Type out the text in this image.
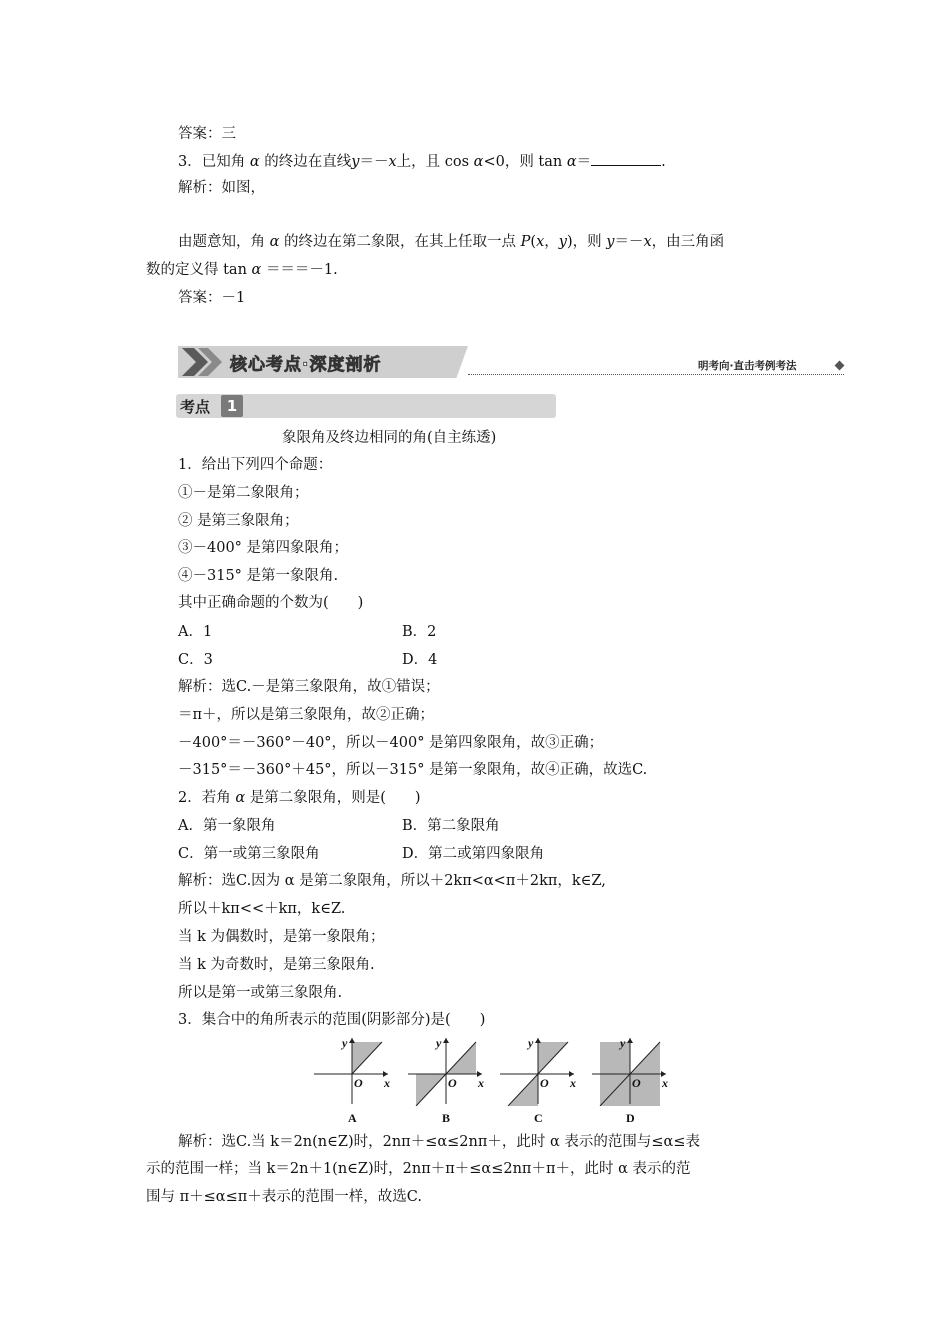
答案：三
3．已知角 α 的终边在直线y＝－x上，且 cos α<0，则 tan α＝	.
解析：如图，
由题意知，角 α 的终边在第二象限，在其上任取一点 P(x，y)，则 y＝－x，由三角函
数的定义得 tan α ＝＝＝－1.
答案：－1
核心考点·深度剖析	明考向·直击考例考法
考点	1
象限角及终边相同的角(自主练透)
1．给出下列四个命题：
①－是第二象限角；
② 是第三象限角；
③－400° 是第四象限角；
④－315° 是第一象限角.
其中正确命题的个数为(　　)
A．1	B．2
C．3	D．4
解析：选C.－是第三象限角，故①错误；
＝π＋，所以是第三象限角，故②正确；
－400°＝－360°－40°，所以－400° 是第四象限角，故③正确；
－315°＝－360°＋45°，所以－315° 是第一象限角，故④正确，故选C.
2．若角 α 是第二象限角，则是(　　)
A．第一象限角	B．第二象限角
C．第一或第三象限角	D．第二或第四象限角
解析：选C.因为 α 是第二象限角，所以＋2kπ<α<π＋2kπ，k∈Z,
所以＋kπ<<＋kπ，k∈Z.
当 k 为偶数时，是第一象限角；
当 k 为奇数时，是第三象限角.
所以是第一或第三象限角.
3．集合中的角所表示的范围(阴影部分)是(　　)
y
x
O
A
y
x
O
B
y
x
O
C
y
x
O
D
解析：选C.当 k＝2n(n∈Z)时，2nπ＋≤α≤2nπ＋，此时 α 表示的范围与≤α≤表
示的范围一样；当 k＝2n＋1(n∈Z)时，2nπ＋π＋≤α≤2nπ＋π＋，此时 α 表示的范
围与 π＋≤α≤π＋表示的范围一样，故选C.
